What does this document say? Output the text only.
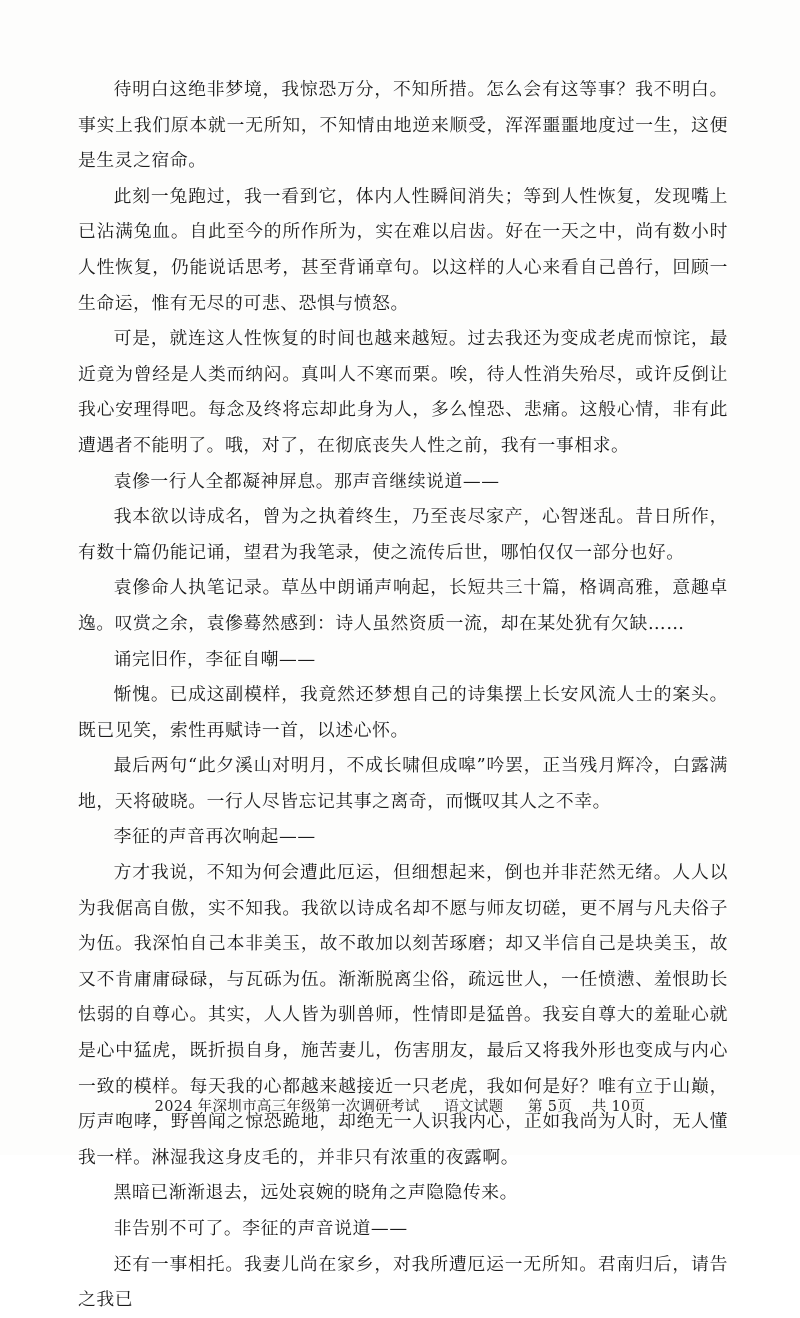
待明白这绝非梦境，我惊恐万分，不知所措。怎么会有这等事？我不明白。事实上我们原本就一无所知，不知情由地逆来顺受，浑浑噩噩地度过一生，这便是生灵之宿命。

此刻一兔跑过，我一看到它，体内人性瞬间消失；等到人性恢复，发现嘴上已沾满兔血。自此至今的所作所为，实在难以启齿。好在一天之中，尚有数小时人性恢复，仍能说话思考，甚至背诵章句。以这样的人心来看自己兽行，回顾一生命运，惟有无尽的可悲、恐惧与愤怒。

可是，就连这人性恢复的时间也越来越短。过去我还为变成老虎而惊诧，最近竟为曾经是人类而纳闷。真叫人不寒而栗。唉，待人性消失殆尽，或许反倒让我心安理得吧。每念及终将忘却此身为人，多么惶恐、悲痛。这般心情，非有此遭遇者不能明了。哦，对了，在彻底丧失人性之前，我有一事相求。

袁傪一行人全都凝神屏息。那声音继续说道——

我本欲以诗成名，曾为之执着终生，乃至丧尽家产，心智迷乱。昔日所作，有数十篇仍能记诵，望君为我笔录，使之流传后世，哪怕仅仅一部分也好。

袁傪命人执笔记录。草丛中朗诵声响起，长短共三十篇，格调高雅，意趣卓逸。叹赏之余，袁傪蓦然感到：诗人虽然资质一流，却在某处犹有欠缺……

诵完旧作，李征自嘲——

惭愧。已成这副模样，我竟然还梦想自己的诗集摆上长安风流人士的案头。既已见笑，索性再赋诗一首，以述心怀。

最后两句“此夕溪山对明月，不成长啸但成嗥”吟罢，正当残月辉冷，白露满地，天将破晓。一行人尽皆忘记其事之离奇，而慨叹其人之不幸。

李征的声音再次响起——

方才我说，不知为何会遭此厄运，但细想起来，倒也并非茫然无绪。人人以为我倨高自傲，实不知我。我欲以诗成名却不愿与师友切磋，更不屑与凡夫俗子为伍。我深怕自己本非美玉，故不敢加以刻苦琢磨；却又半信自己是块美玉，故又不肯庸庸碌碌，与瓦砾为伍。渐渐脱离尘俗，疏远世人，一任愤懑、羞恨助长怯弱的自尊心。其实，人人皆为驯兽师，性情即是猛兽。我妄自尊大的羞耻心就是心中猛虎，既折损自身，施苦妻儿，伤害朋友，最后又将我外形也变成与内心一致的模样。每天我的心都越来越接近一只老虎，我如何是好？唯有立于山巅，厉声咆哮，野兽闻之惊恐跪地，却绝无一人识我内心，正如我尚为人时，无人懂我一样。淋湿我这身皮毛的，并非只有浓重的夜露啊。

黑暗已渐渐退去，远处哀婉的晓角之声隐隐传来。

非告别不可了。李征的声音说道——

还有一事相托。我妻儿尚在家乡，对我所遭厄运一无所知。君南归后，请告之我已

2024 年深圳市高三年级第一次调研考试 语文试题 第 5页 共 10页
